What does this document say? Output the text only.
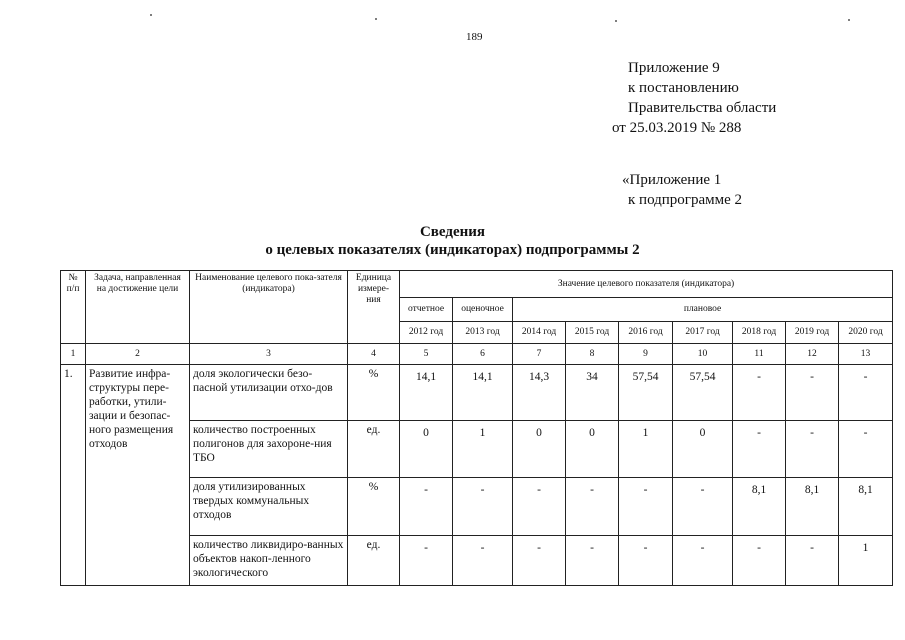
189
Приложение 9
к постановлению
Правительства области
от 25.03.2019 № 288
«Приложение 1
к подпрограмме 2
Сведения
о целевых показателях (индикаторах) подпрограммы 2
№ п/п	Задача, направленная на достижение цели	Наименование целевого пока-зателя (индикатора)	Единица измере-ния	Значение целевого показателя (индикатора)								
				отчетное	оценочное	плановое						
				2012 год	2013 год	2014 год	2015 год	2016 год	2017 год	2018 год	2019 год	2020 год
1	2	3	4	5	6	7	8	9	10	11	12	13
1.	Развитие инфра-структуры пере-работки, утили-зации и безопас-ного размещения отходов	доля экологически безо-пасной утилизации отхо-дов	%	14,1	14,1	14,3	34	57,54	57,54	-	-	-
		количество построенных полигонов для захороне-ния ТБО	ед.	0	1	0	0	1	0	-	-	-
		доля утилизированных твердых коммунальных отходов	%	-	-	-	-	-	-	8,1	8,1	8,1
		количество ликвидиро-ванных объектов накоп-ленного экологического	ед.	-	-	-	-	-	-	-	-	1
